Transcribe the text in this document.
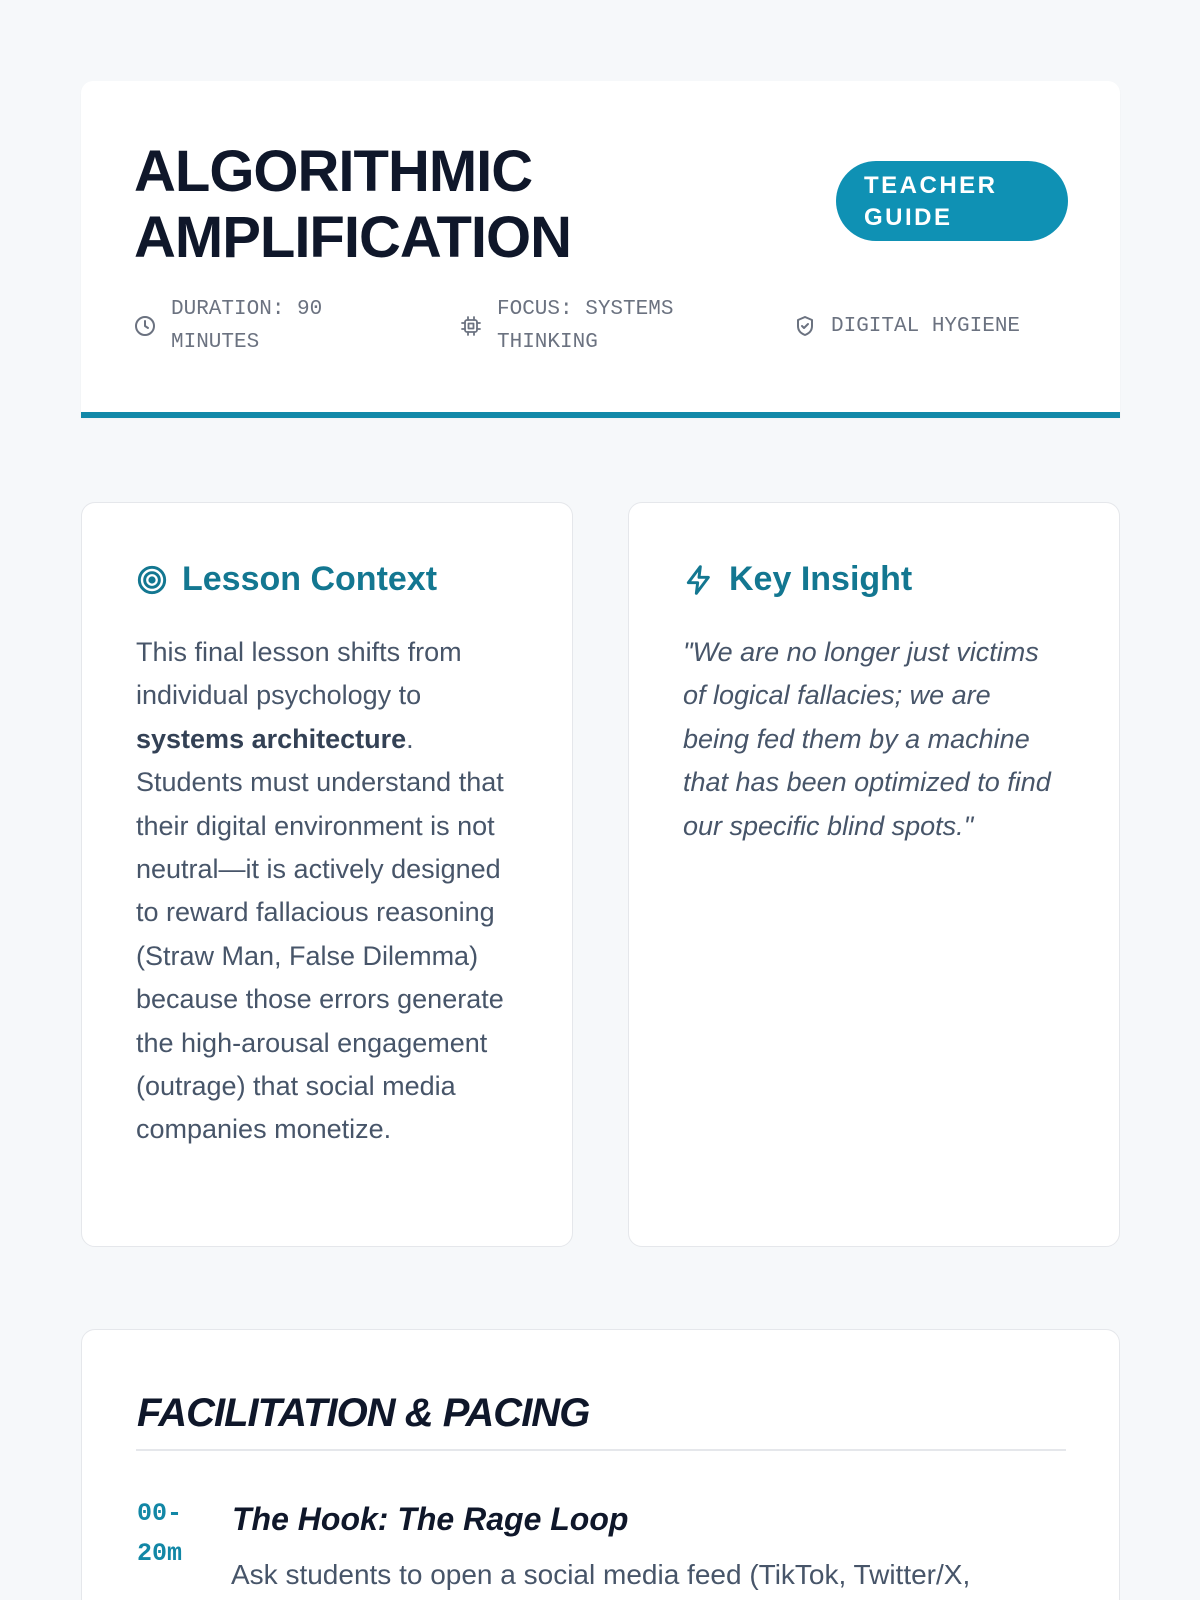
ALGORITHMIC AMPLIFICATION
TEACHER GUIDE
DURATION: 90 MINUTES
FOCUS: SYSTEMS THINKING
DIGITAL HYGIENE
Lesson Context

This final lesson shifts from individual psychology to systems architecture. Students must understand that their digital environment is not neutral—it is actively designed to reward fallacious reasoning (Straw Man, False Dilemma) because those errors generate the high-arousal engagement (outrage) that social media companies monetize.

Key Insight

"We are no longer just victims of logical fallacies; we are being fed them by a machine that has been optimized to find our specific blind spots."

FACILITATION & PACING
00-20m
The Hook: The Rage Loop

Ask students to open a social media feed (TikTok, Twitter/X,
